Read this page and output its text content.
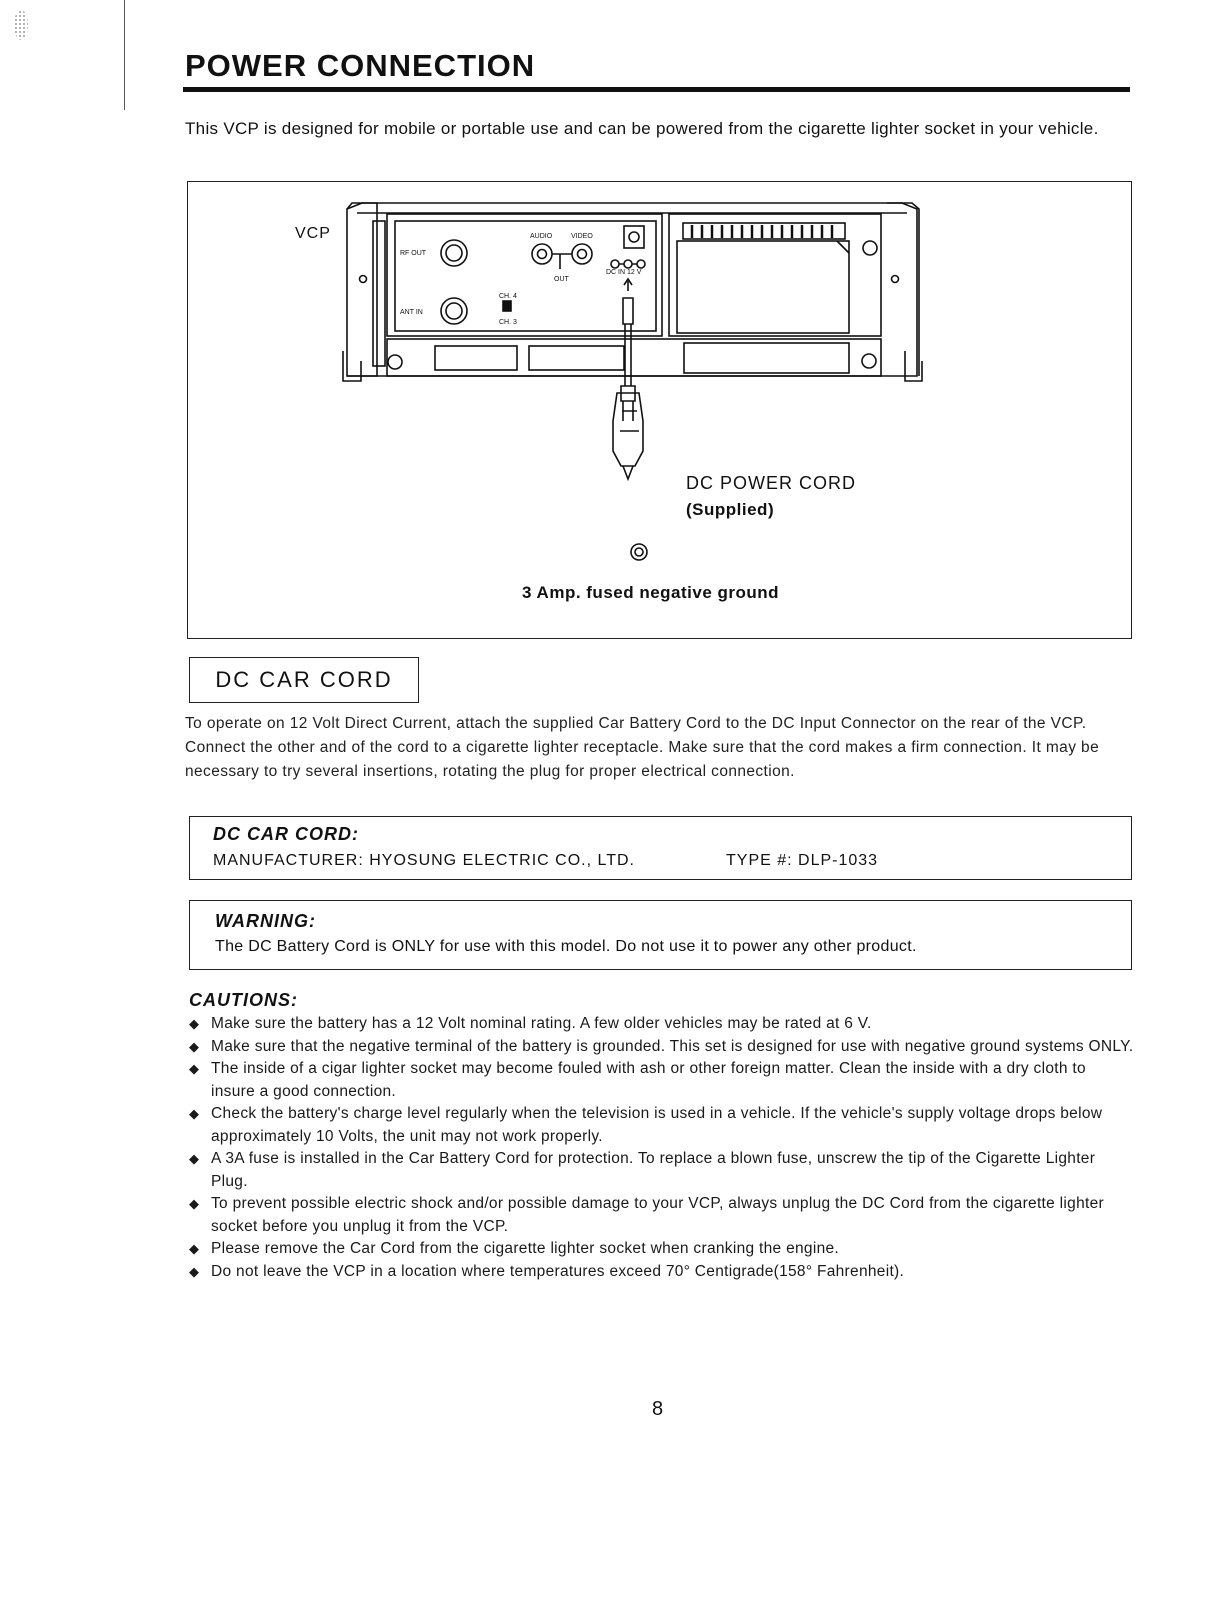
POWER CONNECTION
This VCP is designed for mobile or portable use and can be powered from the cigarette lighter socket in your vehicle.
RF OUT
ANT IN
AUDIO	VIDEO
OUT
DC IN 12 V
CH. 4
CH. 3
VCP
DC POWER CORD
(Supplied)
3 Amp. fused negative ground
DC CAR CORD
To operate on 12 Volt Direct Current, attach the supplied Car Battery Cord to the DC Input Connector on the rear of the VCP. Connect the other and of the cord to a cigarette lighter receptacle. Make sure that the cord makes a firm connection. It may be necessary to try several insertions, rotating the plug for proper electrical connection.
DC CAR CORD:
MANUFACTURER: HYOSUNG ELECTRIC CO., LTD.	TYPE #: DLP-1033
WARNING:
The DC Battery Cord is ONLY for use with this model. Do not use it to power any other product.
CAUTIONS:
◆ Make sure the battery has a 12 Volt nominal rating. A few older vehicles may be rated at 6 V.
◆ Make sure that the negative terminal of the battery is grounded. This set is designed for use with negative ground systems ONLY.
◆ The inside of a cigar lighter socket may become fouled with ash or other foreign matter. Clean the inside with a dry cloth to insure a good connection.
◆ Check the battery's charge level regularly when the television is used in a vehicle. If the vehicle's supply voltage drops below approximately 10 Volts, the unit may not work properly.
◆ A 3A fuse is installed in the Car Battery Cord for protection. To replace a blown fuse, unscrew the tip of the Cigarette Lighter Plug.
◆ To prevent possible electric shock and/or possible damage to your VCP, always unplug the DC Cord from the cigarette lighter socket before you unplug it from the VCP.
◆ Please remove the Car Cord from the cigarette lighter socket when cranking the engine.
◆ Do not leave the VCP in a location where temperatures exceed 70° Centigrade(158° Fahrenheit).
8
